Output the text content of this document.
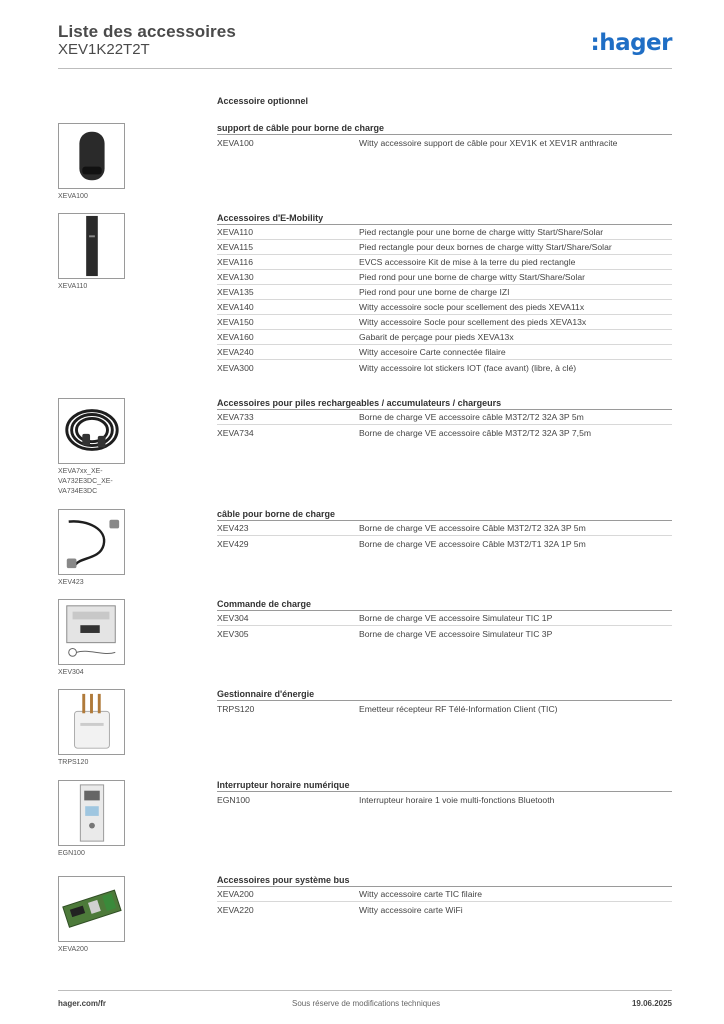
Liste des accessoires
XEV1K22T2T	:hager
Accessoire optionnel
XEVA100
support de câble pour borne de charge
XEVA100	Witty accessoire support de câble pour XEV1K et XEV1R anthracite
XEVA110
Accessoires d'E-Mobility
XEVA110	Pied rectangle pour une borne de charge witty Start/Share/Solar
XEVA115	Pied rectangle pour deux bornes de charge witty Start/Share/Solar
XEVA116	EVCS accessoire Kit de mise à la terre du pied rectangle
XEVA130	Pied rond pour une borne de charge witty Start/Share/Solar
XEVA135	Pied rond pour une borne de charge IZI
XEVA140	Witty accessoire socle pour scellement des pieds XEVA11x
XEVA150	Witty accessoire Socle pour scellement des pieds XEVA13x
XEVA160	Gabarit de perçage pour pieds XEVA13x
XEVA240	Witty accesoire Carte connectée filaire
XEVA300	Witty accessoire lot stickers IOT (face avant) (libre, à clé)
XEVA7xx_XE-VA732E3DC_XE-VA734E3DC
Accessoires pour piles rechargeables / accumulateurs / chargeurs
XEVA733	Borne de charge VE accessoire câble M3T2/T2 32A 3P 5m
XEVA734	Borne de charge VE accessoire câble M3T2/T2 32A 3P 7,5m
XEV423
câble pour borne de charge
XEV423	Borne de charge VE accessoire Câble M3T2/T2 32A 3P 5m
XEV429	Borne de charge VE accessoire Câble M3T2/T1 32A 1P 5m
XEV304
Commande de charge
XEV304	Borne de charge VE accessoire Simulateur TIC 1P
XEV305	Borne de charge VE accessoire Simulateur TIC 3P
TRPS120
Gestionnaire d'énergie
TRPS120	Emetteur récepteur RF Télé-Information Client (TIC)
EGN100
Interrupteur horaire numérique
EGN100	Interrupteur horaire 1 voie multi-fonctions Bluetooth
XEVA200
Accessoires pour système bus
XEVA200	Witty accessoire carte TIC filaire
XEVA220	Witty accessoire carte WiFi
hager.com/fr	Sous réserve de modifications techniques	19.06.2025
